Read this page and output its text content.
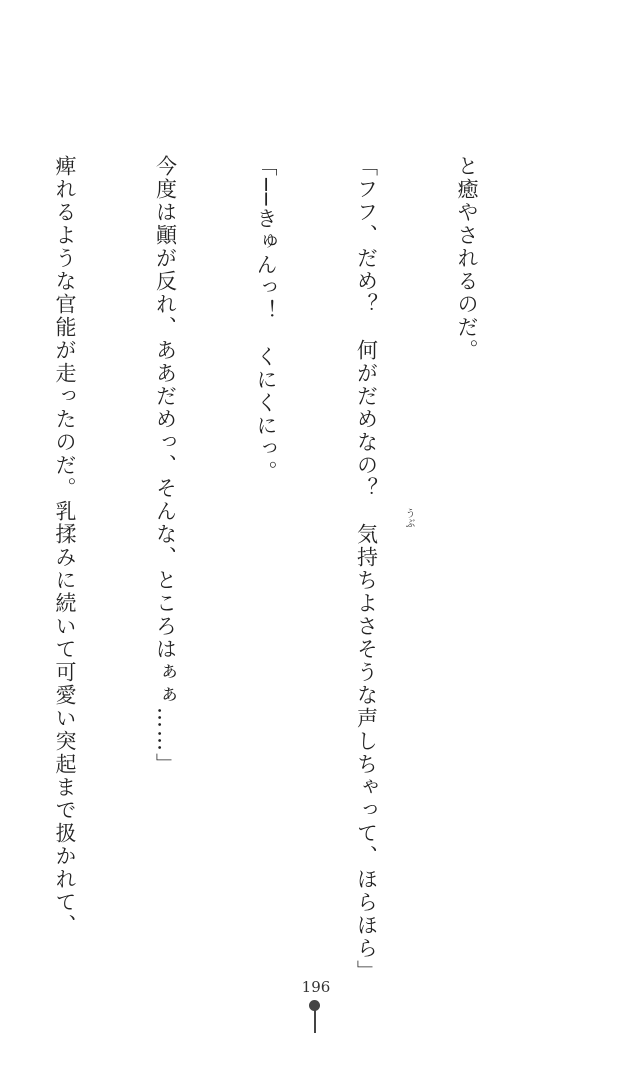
と癒やされるのだ。

「フフ、だめ？　何がだめなの？　気持ちよさそうな声しちゃって、ほらほら」

「──きゅんっ！　くにくにっ。

今度は顚が反れ、ああだめっ、そんな、ところはぁぁ……」

痺れるような官能が走ったのだ。乳揉みに続いて可愛い突起まで扱かれて、

	うぶ
196
